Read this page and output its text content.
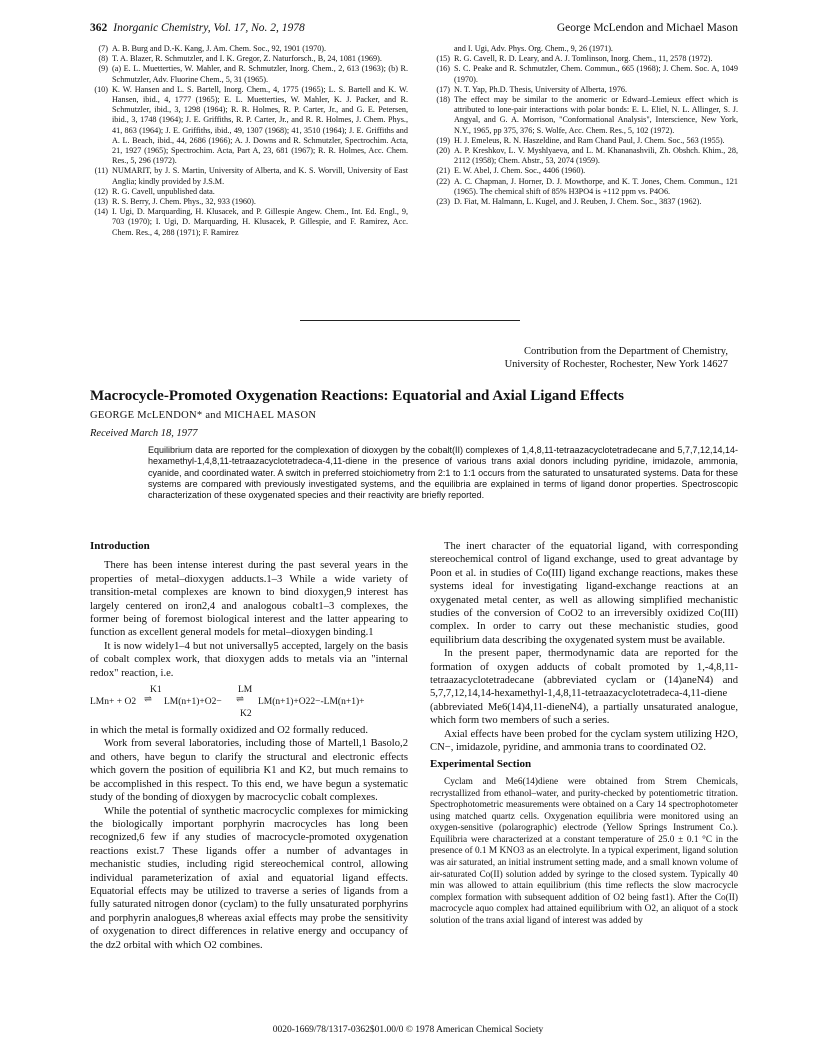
362 Inorganic Chemistry, Vol. 17, No. 2, 1978	George McLendon and Michael Mason
(7) A. B. Burg and D.-K. Kang, J. Am. Chem. Soc., 92, 1901 (1970).
(8) T. A. Blazer, R. Schmutzler, and I. K. Gregor, Z. Naturforsch., B, 24, 1081 (1969).
(9) (a) E. L. Muetterties, W. Mahler, and R. Schmutzler, Inorg. Chem., 2, 613 (1963); (b) R. Schmutzler, Adv. Fluorine Chem., 5, 31 (1965).
(10) K. W. Hansen and L. S. Bartell, Inorg. Chem., 4, 1775 (1965); L. S. Bartell and K. W. Hansen, ibid., 4, 1777 (1965); E. L. Muetterties, W. Mahler, K. J. Packer, and R. Schmutzler, ibid., 3, 1298 (1964); R. R. Holmes, R. P. Carter, Jr., and G. E. Petersen, ibid., 3, 1748 (1964); J. E. Griffiths, R. P. Carter, Jr., and R. R. Holmes, J. Chem. Phys., 41, 863 (1964); J. E. Griffiths, ibid., 49, 1307 (1968); 41, 3510 (1964); J. E. Griffiths and A. L. Beach, ibid., 44, 2686 (1966); A. J. Downs and R. Schmutzler, Spectrochim. Acta, 21, 1927 (1965); Spectrochim. Acta, Part A, 23, 681 (1967); R. R. Holmes, Acc. Chem. Res., 5, 296 (1972).
(11) NUMARIT, by J. S. Martin, University of Alberta, and K. S. Worvill, University of East Anglia; kindly provided by J.S.M.
(12) R. G. Cavell, unpublished data.
(13) R. S. Berry, J. Chem. Phys., 32, 933 (1960).
(14) I. Ugi, D. Marquarding, H. Klusacek, and P. Gillespie Angew. Chem., Int. Ed. Engl., 9, 703 (1970); I. Ugi, D. Marquarding, H. Klusacek, P. Gillespie, and F. Ramirez, Acc. Chem. Res., 4, 288 (1971); F. Ramirez
and I. Ugi, Adv. Phys. Org. Chem., 9, 26 (1971).
(15) R. G. Cavell, R. D. Leary, and A. J. Tomlinson, Inorg. Chem., 11, 2578 (1972).
(16) S. C. Peake and R. Schmutzler, Chem. Commun., 665 (1968); J. Chem. Soc. A, 1049 (1970).
(17) N. T. Yap, Ph.D. Thesis, University of Alberta, 1976.
(18) The effect may be similar to the anomeric or Edward–Lemieux effect which is attributed to lone-pair interactions with polar bonds: E. L. Eliel, N. L. Allinger, S. J. Angyal, and G. A. Morrison, "Conformational Analysis", Interscience, New York, N.Y., 1965, pp 375, 376; S. Wolfe, Acc. Chem. Res., 5, 102 (1972).
(19) H. J. Emeleus, R. N. Haszeldine, and Ram Chand Paul, J. Chem. Soc., 563 (1955).
(20) A. P. Kreshkov, L. V. Myshlyaeva, and L. M. Khananashvili, Zh. Obshch. Khim., 28, 2112 (1958); Chem. Abstr., 53, 2074 (1959).
(21) E. W. Abel, J. Chem. Soc., 4406 (1960).
(22) A. C. Chapman, J. Horner, D. J. Mowthorpe, and K. T. Jones, Chem. Commun., 121 (1965). The chemical shift of 85% H3PO4 is +112 ppm vs. P4O6.
(23) D. Fiat, M. Halmann, L. Kugel, and J. Reuben, J. Chem. Soc., 3837 (1962).
Contribution from the Department of Chemistry,
University of Rochester, Rochester, New York 14627
Macrocycle-Promoted Oxygenation Reactions: Equatorial and Axial Ligand Effects
GEORGE McLENDON* and MICHAEL MASON
Received March 18, 1977
Equilibrium data are reported for the complexation of dioxygen by the cobalt(II) complexes of 1,4,8,11-tetraazacyclotetradecane and 5,7,7,12,14,14-hexamethyl-1,4,8,11-tetraazacyclotetradeca-4,11-diene in the presence of various trans axial donors including pyridine, imidazole, ammonia, cyanide, and coordinated water. A switch in preferred stoichiometry from 2:1 to 1:1 occurs from the saturated to unsaturated systems. Data for these systems are compared with previously investigated systems, and the equilibria are explained in terms of ligand donor properties. Spectroscopic characterization of these oxygenated species and their reactivity are briefly reported.
Introduction

There has been intense interest during the past several years in the properties of metal–dioxygen adducts.1–3 While a wide variety of transition-metal complexes are known to bind dioxygen,9 interest has largely centered on iron2,4 and analogous cobalt1–3 complexes, the former being of foremost biological interest and the latter appearing to function as excellent general models for metal–dioxygen binding.1

It is now widely1–4 but not universally5 accepted, largely on the basis of cobalt complex work, that dioxygen adds to metals via an "internal redox" reaction, i.e.

LMn+ + O2
K1
⇌ LM(n+1)+O2−
LM
⇌
K2
LM(n+1)+O22−-LM(n+1)+

in which the metal is formally oxidized and O2 formally reduced.

Work from several laboratories, including those of Martell,1 Basolo,2 and others, have begun to clarify the structural and electronic effects which govern the position of equilibria K1 and K2, but much remains to be accomplished in this respect. To this end, we have begun a systematic study of the bonding of dioxygen by macrocyclic cobalt complexes.

While the potential of synthetic macrocyclic complexes for mimicking the biologically important porphyrin macrocycles has long been recognized,6 few if any studies of macrocycle-promoted oxygenation reactions exist.7 These ligands offer a number of advantages in mechanistic studies, including rigid stereochemical control, allowing individual parameterization of axial and equatorial ligand effects. Equatorial effects may be utilized to traverse a series of ligands from a fully saturated nitrogen donor (cyclam) to the fully unsaturated porphyrins and porphyrin analogues,8 whereas axial effects may probe the sensitivity of oxygenation to direct differences in relative energy and occupancy of the dz2 orbital with which O2 combines.

The inert character of the equatorial ligand, with corresponding stereochemical control of ligand exchange, used to great advantage by Poon et al. in studies of Co(III) ligand exchange reactions, makes these systems ideal for investigating ligand-exchange reactions at an oxygenated metal center, as well as allowing simplified mechanistic studies of the conversion of CoO2 to an irreversibly oxidized Co(III) complex. In order to carry out these mechanistic studies, good equilibrium data describing the oxygenated system must be available.

In the present paper, thermodynamic data are reported for the formation of oxygen adducts of cobalt promoted by 1,-4,8,11-tetraazacyclotetradecane (abbreviated cyclam or (14)aneN4) and 5,7,7,12,14,14-hexamethyl-1,4,8,11-tetraazacyclotetradeca-4,11-diene (abbreviated Me6(14)4,11-dieneN4), a partially unsaturated analogue, which form two members of such a series.

Axial effects have been probed for the cyclam system utilizing H2O, CN−, imidazole, pyridine, and ammonia trans to coordinated O2.

Experimental Section

Cyclam and Me6(14)diene were obtained from Strem Chemicals, recrystallized from ethanol–water, and purity-checked by potentiometric titration. Spectrophotometric measurements were obtained on a Cary 14 spectrophotometer using matched quartz cells. Oxygenation equilibria were monitored using an oxygen-sensitive (polarographic) electrode (Yellow Springs Instrument Co.). Equilibria were characterized at a constant temperature of 25.0 ± 0.1 °C in the presence of 0.1 M KNO3 as an electrolyte. In a typical experiment, ligand solution was air saturated, an initial instrument setting made, and a small known volume of air-saturated Co(II) solution added by syringe to the closed system. Typically 40 min was allowed to attain equilibrium (this time reflects the slow macrocycle complex formation with subsequent addition of O2 being fast1). After the Co(II) macrocycle aquo complex had attained equilibrium with O2, an aliquot of a stock solution of the trans axial ligand of interest was added by

0020-1669/78/1317-0362$01.00/0 © 1978 American Chemical Society
